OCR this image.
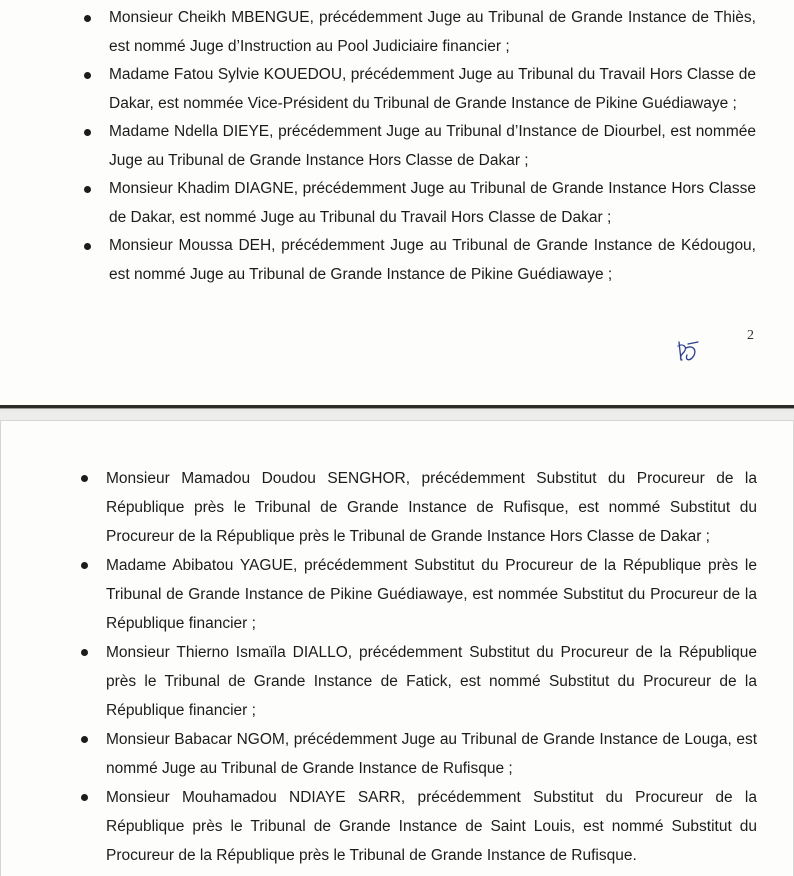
Monsieur Cheikh MBENGUE, précédemment Juge au Tribunal de Grande Instance de Thiès, est nommé Juge d’Instruction au Pool Judiciaire financier ;
Madame Fatou Sylvie KOUEDOU, précédemment Juge au Tribunal du Travail Hors Classe de Dakar, est nommée Vice-Président du Tribunal de Grande Instance de Pikine Guédiawaye ;
Madame Ndella DIEYE, précédemment Juge au Tribunal d’Instance de Diourbel, est nommée Juge au Tribunal de Grande Instance Hors Classe de Dakar ;
Monsieur Khadim DIAGNE, précédemment Juge au Tribunal de Grande Instance Hors Classe de Dakar, est nommé Juge au Tribunal du Travail Hors Classe de Dakar ;
Monsieur Moussa DEH, précédemment Juge au Tribunal de Grande Instance de Kédougou, est nommé Juge au Tribunal de Grande Instance de Pikine Guédiawaye ;
2
Monsieur Mamadou Doudou SENGHOR, précédemment Substitut du Procureur de la République près le Tribunal de Grande Instance de Rufisque, est nommé Substitut du Procureur de la République près le Tribunal de Grande Instance Hors Classe de Dakar ;
Madame Abibatou YAGUE, précédemment Substitut du Procureur de la République près le Tribunal de Grande Instance de Pikine Guédiawaye, est nommée Substitut du Procureur de la République financier ;
Monsieur Thierno Ismaïla DIALLO, précédemment Substitut du Procureur de la République près le Tribunal de Grande Instance de Fatick, est nommé Substitut du Procureur de la République financier ;
Monsieur Babacar NGOM, précédemment Juge au Tribunal de Grande Instance de Louga, est nommé Juge au Tribunal de Grande Instance de Rufisque ;
Monsieur Mouhamadou NDIAYE SARR, précédemment Substitut du Procureur de la République près le Tribunal de Grande Instance de Saint Louis, est nommé Substitut du Procureur de la République près le Tribunal de Grande Instance de Rufisque.
